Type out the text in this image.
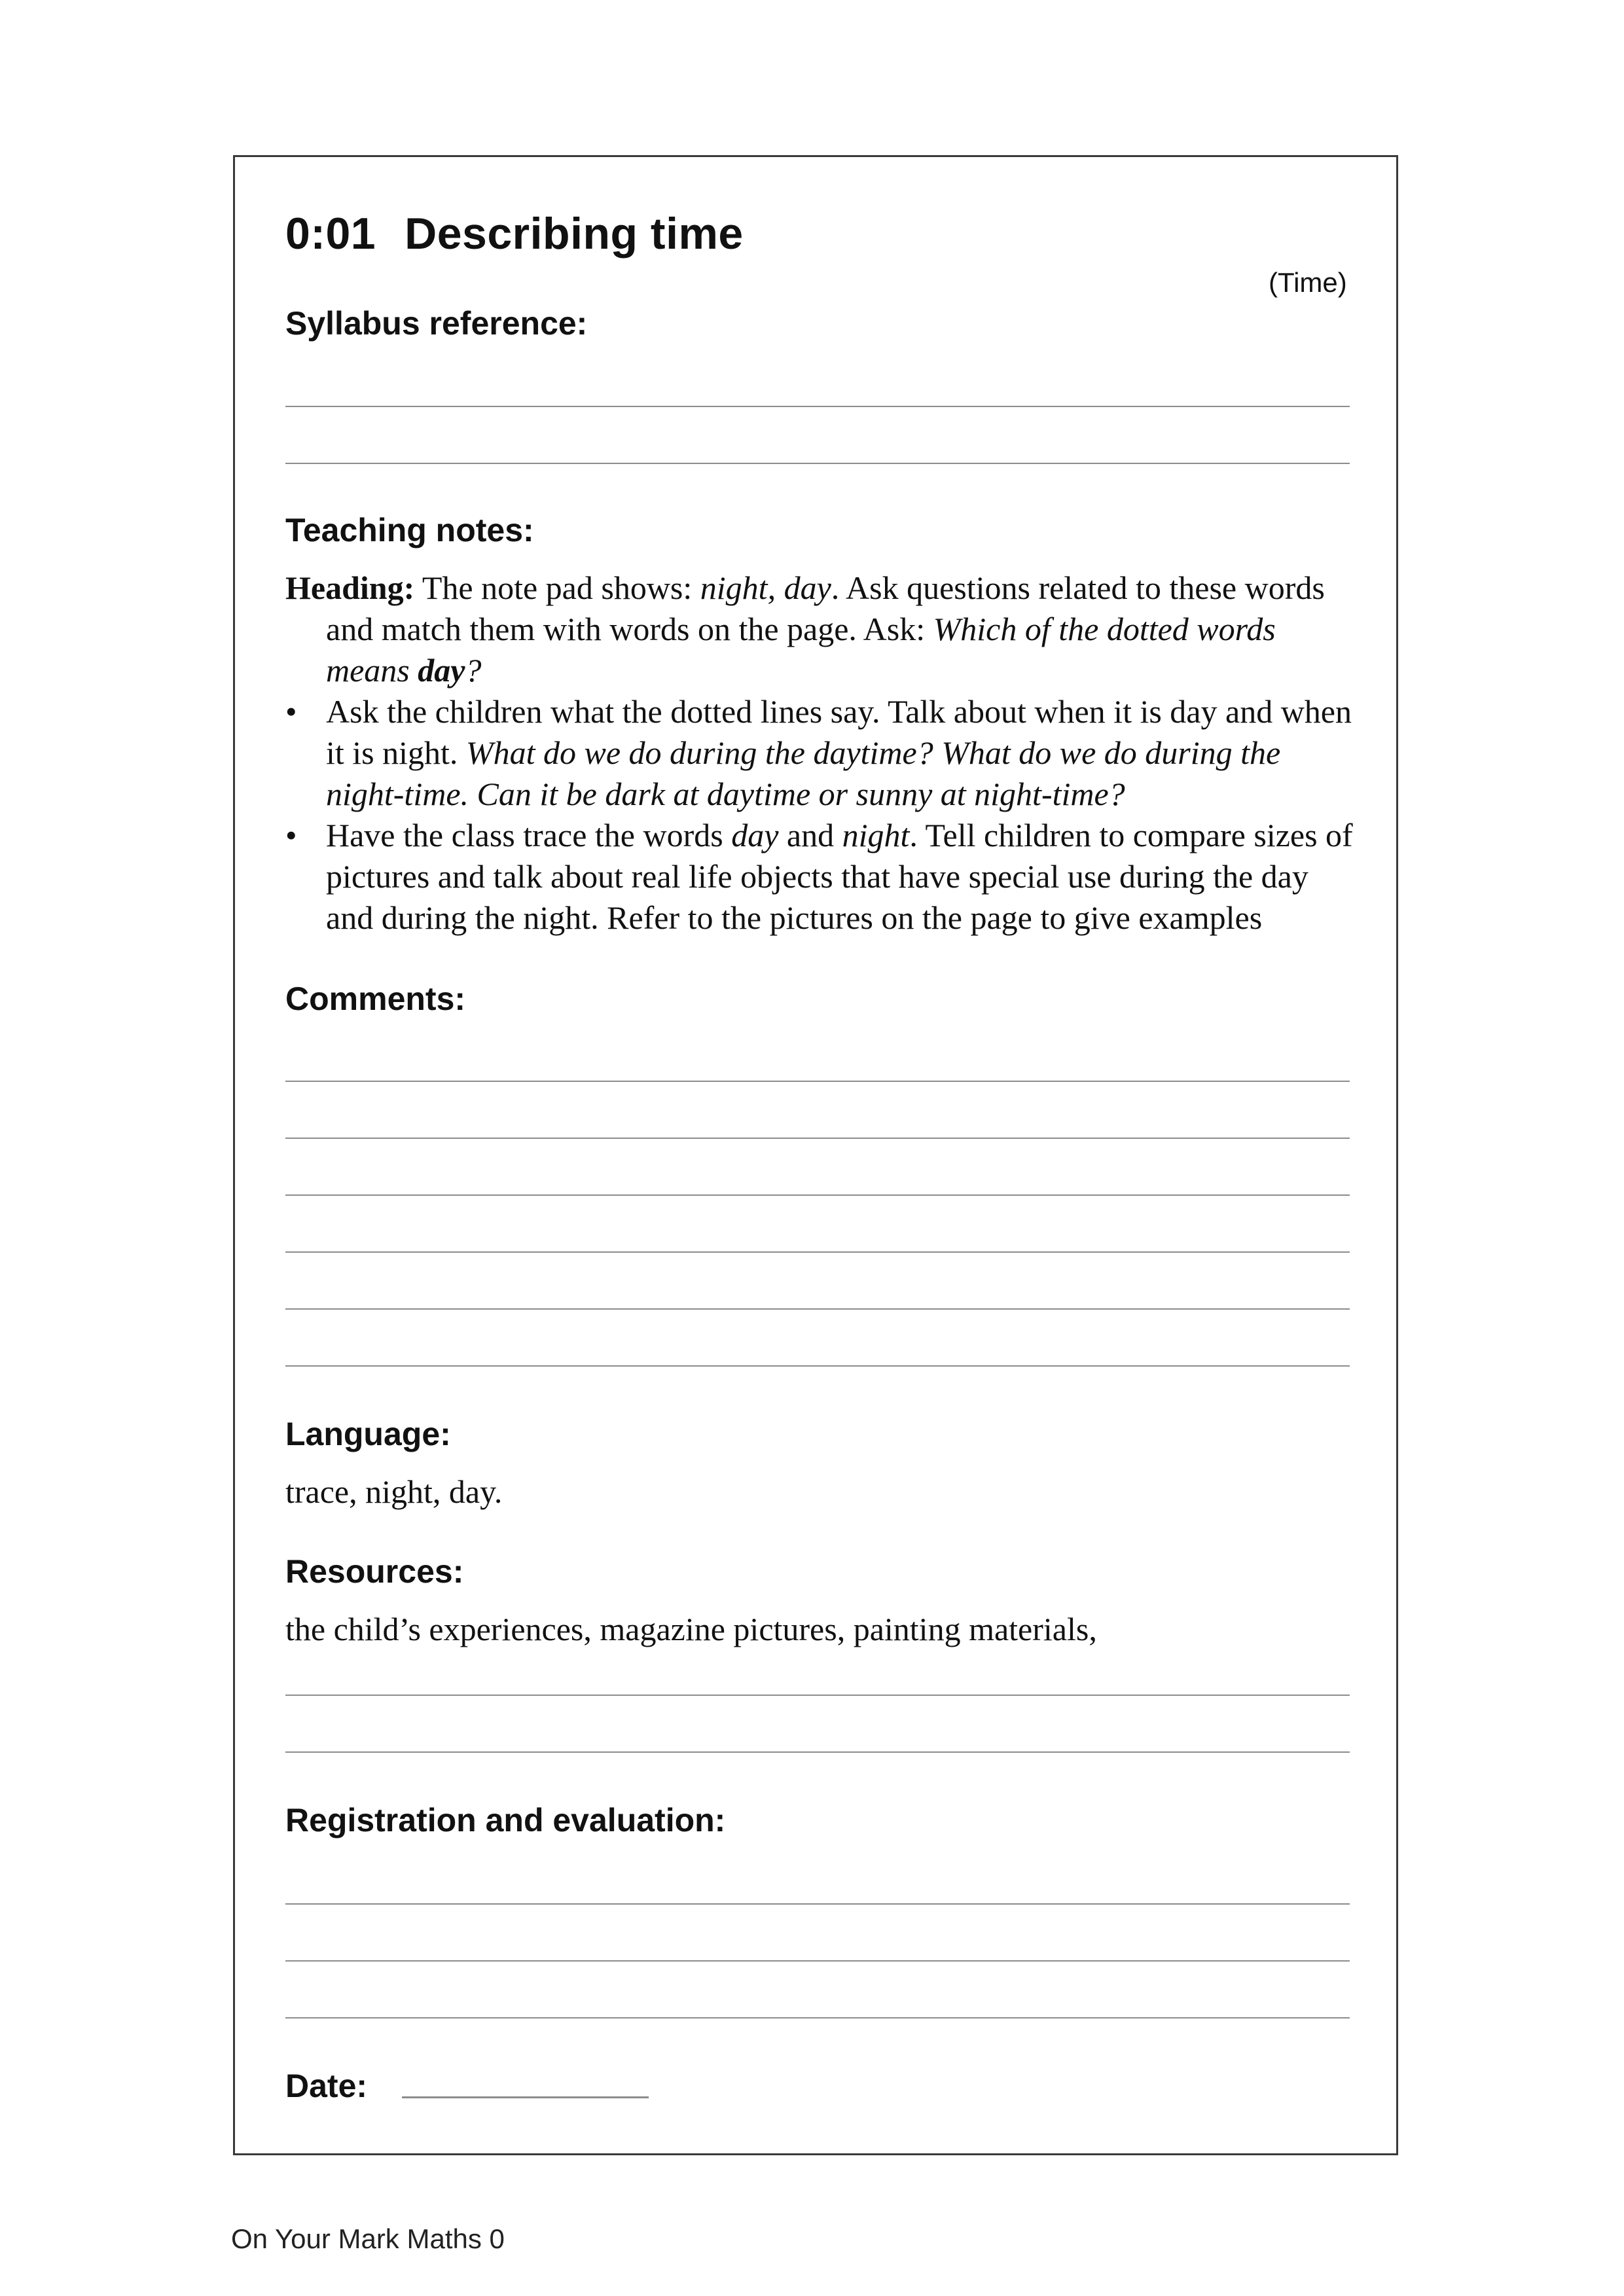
0:01 Describing time
(Time)
Syllabus reference:
Teaching notes:

Heading: The note pad shows: night, day. Ask questions related to these words and match them with words on the page. Ask: Which of the dotted words means day?

• Ask the children what the dotted lines say. Talk about when it is day and when it is night. What do we do during the daytime? What do we do during the night-time. Can it be dark at daytime or sunny at night-time?
• Have the class trace the words day and night. Tell children to compare sizes of pictures and talk about real life objects that have special use during the day and during the night. Refer to the pictures on the page to give examples
Comments:
Language:
trace, night, day.
Resources:
the child’s experiences, magazine pictures, painting materials,
Registration and evaluation:
Date:
On Your Mark Maths 0
